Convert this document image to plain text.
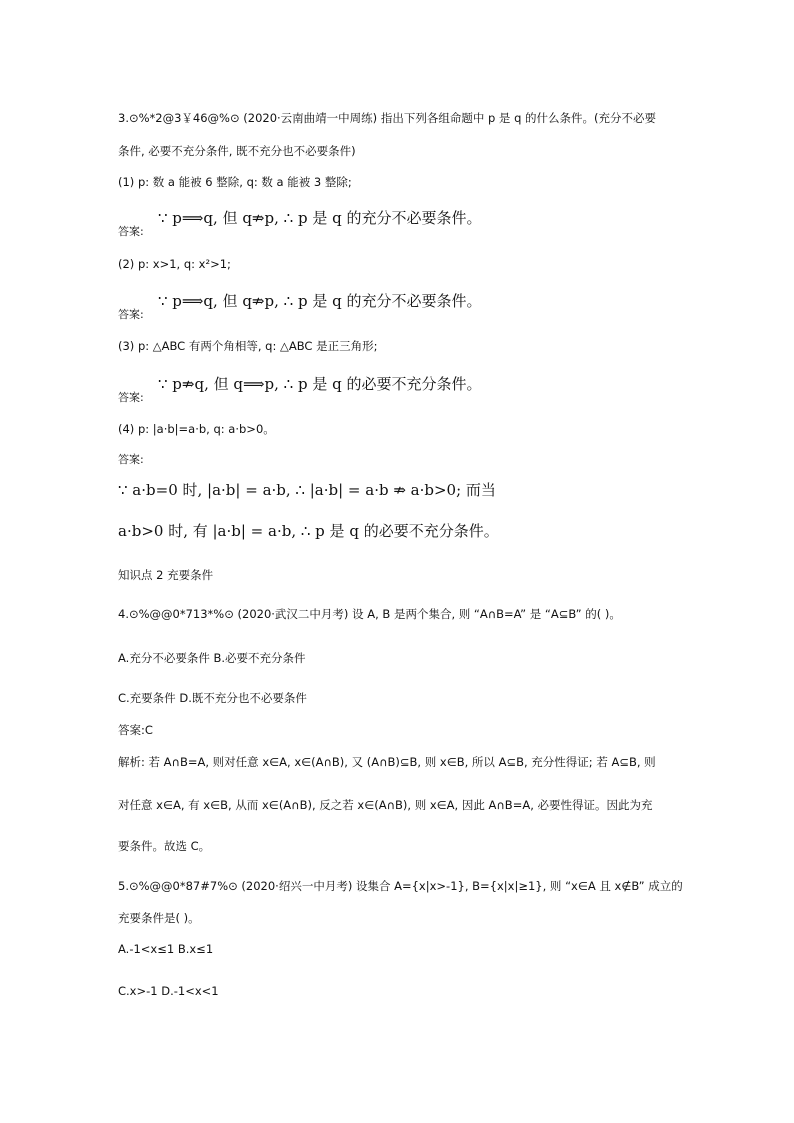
3.⊙%*2@3￥46@%⊙ (2020·云南曲靖一中周练) 指出下列各组命题中 p 是 q 的什么条件。(充分不必要
条件, 必要不充分条件, 既不充分也不必要条件)
(1) p: 数 a 能被 6 整除, q: 数 a 能被 3 整除;
答案:
∵ p⟹q, 但 q⇏p, ∴ p 是 q 的充分不必要条件。
(2) p: x>1, q: x²>1;
答案:
∵ p⟹q, 但 q⇏p, ∴ p 是 q 的充分不必要条件。
(3) p: △ABC 有两个角相等, q: △ABC 是正三角形;
答案:
∵ p⇏q, 但 q⟹p, ∴ p 是 q 的必要不充分条件。
(4) p: |a·b|=a·b, q: a·b>0。
答案:
∵ a·b=0 时, |a·b| = a·b, ∴ |a·b| = a·b ⇏ a·b>0; 而当
a·b>0 时, 有 |a·b| = a·b, ∴ p 是 q 的必要不充分条件。
知识点 2 充要条件
4.⊙%@@0*713*%⊙ (2020·武汉二中月考) 设 A, B 是两个集合, 则 “A∩B=A” 是 “A⊆B” 的( )。
A.充分不必要条件 B.必要不充分条件
C.充要条件 D.既不充分也不必要条件
答案:C
解析: 若 A∩B=A, 则对任意 x∈A, x∈(A∩B), 又 (A∩B)⊆B, 则 x∈B, 所以 A⊆B, 充分性得证; 若 A⊆B, 则
对任意 x∈A, 有 x∈B, 从而 x∈(A∩B), 反之若 x∈(A∩B), 则 x∈A, 因此 A∩B=A, 必要性得证。因此为充
要条件。故选 C。
5.⊙%@@0*87#7%⊙ (2020·绍兴一中月考) 设集合 A={x|x>-1}, B={x|x|≥1}, 则 “x∈A 且 x∉B” 成立的
充要条件是( )。
A.-1<x≤1 B.x≤1
C.x>-1 D.-1<x<1
